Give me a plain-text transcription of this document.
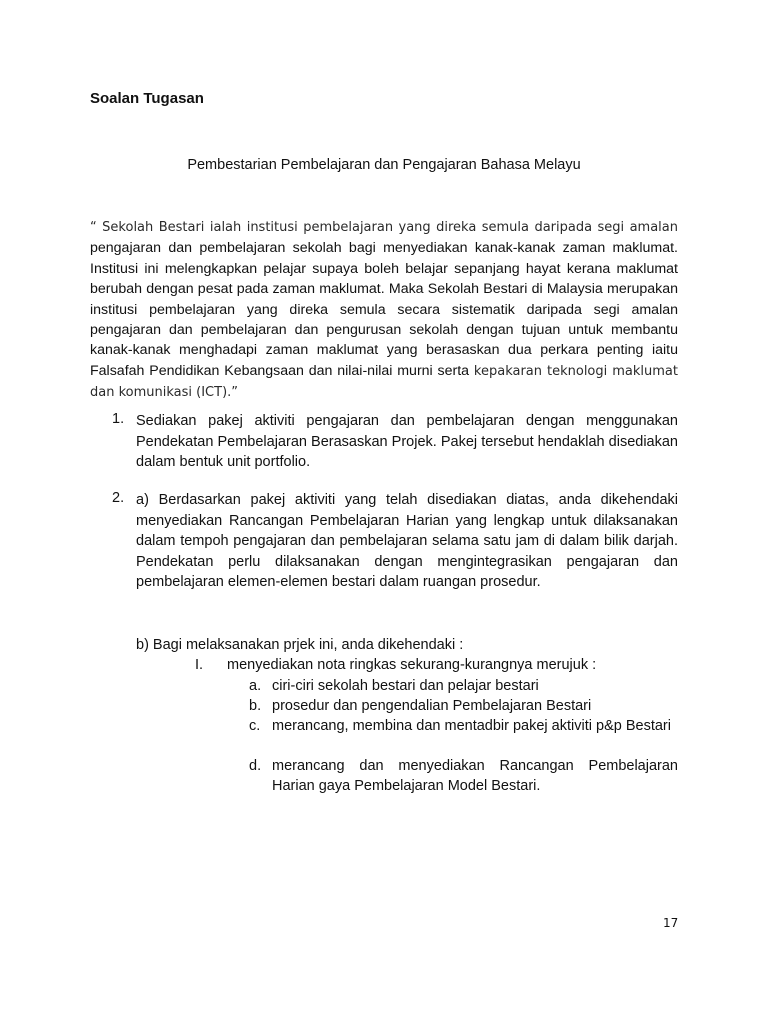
Soalan Tugasan
Pembestarian Pembelajaran dan Pengajaran Bahasa Melayu
“ Sekolah Bestari ialah institusi pembelajaran yang direka semula daripada segi amalan pengajaran dan pembelajaran sekolah bagi menyediakan kanak-kanak zaman maklumat. Institusi ini melengkapkan pelajar supaya boleh belajar sepanjang hayat kerana maklumat berubah dengan pesat pada zaman maklumat. Maka Sekolah Bestari di Malaysia merupakan institusi pembelajaran yang direka semula secara sistematik daripada segi amalan pengajaran dan pembelajaran dan pengurusan sekolah dengan tujuan untuk membantu kanak-kanak menghadapi zaman maklumat yang berasaskan dua perkara penting iaitu Falsafah Pendidikan Kebangsaan dan nilai-nilai murni serta kepakaran teknologi maklumat dan komunikasi (ICT).”
1. Sediakan pakej aktiviti pengajaran dan pembelajaran dengan menggunakan Pendekatan Pembelajaran Berasaskan Projek. Pakej tersebut hendaklah disediakan dalam bentuk unit portfolio.
2. a) Berdasarkan pakej aktiviti yang telah disediakan diatas, anda dikehendaki menyediakan Rancangan Pembelajaran Harian yang lengkap untuk dilaksanakan dalam tempoh pengajaran dan pembelajaran selama satu jam di dalam bilik darjah. Pendekatan perlu dilaksanakan dengan mengintegrasikan pengajaran dan pembelajaran elemen-elemen bestari dalam ruangan prosedur.
b) Bagi melaksanakan prjek ini, anda dikehendaki :
I. menyediakan nota ringkas sekurang-kurangnya merujuk :
a. ciri-ciri sekolah bestari dan pelajar bestari
b. prosedur dan pengendalian Pembelajaran Bestari
c. merancang, membina dan mentadbir pakej aktiviti p&p Bestari
d. merancang dan menyediakan Rancangan Pembelajaran Harian gaya Pembelajaran Model Bestari.
17
